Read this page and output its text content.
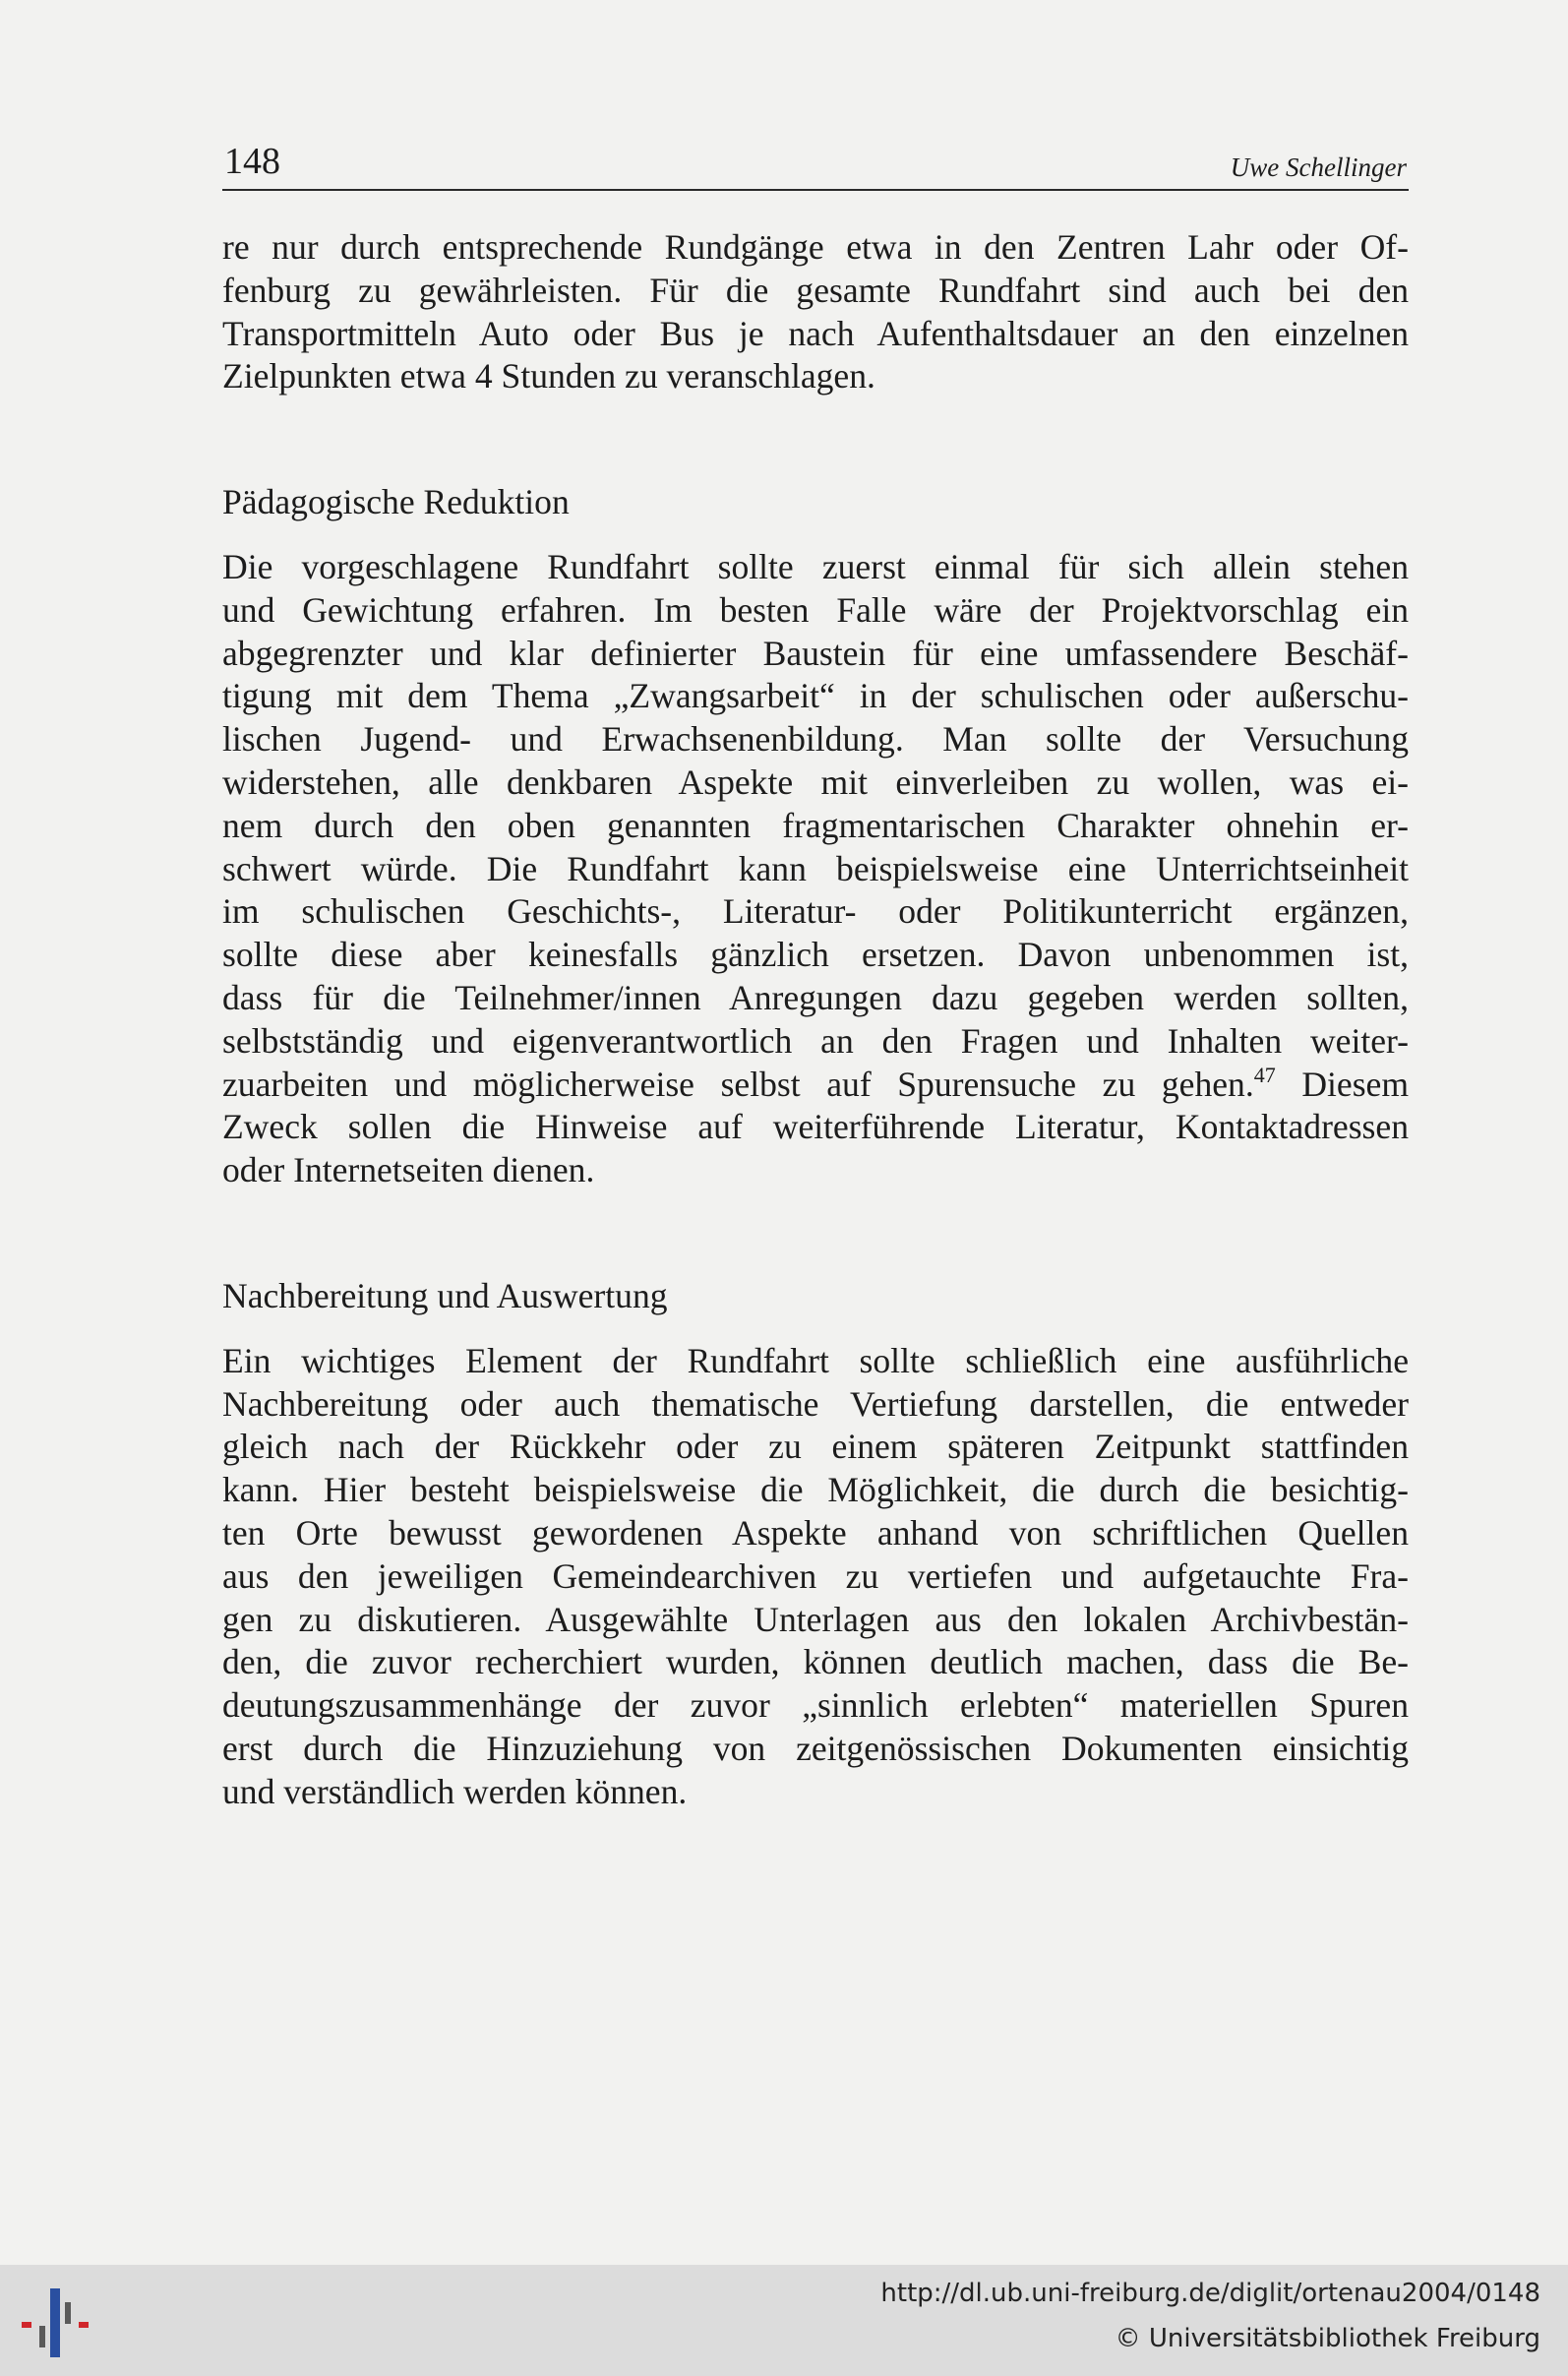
148	Uwe Schellinger

re nur durch entsprechende Rundgänge etwa in den Zentren Lahr oder Of-
fenburg zu gewährleisten. Für die gesamte Rundfahrt sind auch bei den
Transportmitteln Auto oder Bus je nach Aufenthaltsdauer an den einzelnen
Zielpunkten etwa 4 Stunden zu veranschlagen.

Pädagogische Reduktion

Die vorgeschlagene Rundfahrt sollte zuerst einmal für sich allein stehen
und Gewichtung erfahren. Im besten Falle wäre der Projektvorschlag ein
abgegrenzter und klar definierter Baustein für eine umfassendere Beschäf-
tigung mit dem Thema „Zwangsarbeit“ in der schulischen oder außerschu-
lischen Jugend- und Erwachsenenbildung. Man sollte der Versuchung
widerstehen, alle denkbaren Aspekte mit einverleiben zu wollen, was ei-
nem durch den oben genannten fragmentarischen Charakter ohnehin er-
schwert würde. Die Rundfahrt kann beispielsweise eine Unterrichtseinheit
im schulischen Geschichts-, Literatur- oder Politikunterricht ergänzen,
sollte diese aber keinesfalls gänzlich ersetzen. Davon unbenommen ist,
dass für die Teilnehmer/innen Anregungen dazu gegeben werden sollten,
selbstständig und eigenverantwortlich an den Fragen und Inhalten weiter-
zuarbeiten und möglicherweise selbst auf Spurensuche zu gehen.$^{47}$ Diesem
Zweck sollen die Hinweise auf weiterführende Literatur, Kontaktadressen
oder Internetseiten dienen.

Nachbereitung und Auswertung

Ein wichtiges Element der Rundfahrt sollte schließlich eine ausführliche
Nachbereitung oder auch thematische Vertiefung darstellen, die entweder
gleich nach der Rückkehr oder zu einem späteren Zeitpunkt stattfinden
kann. Hier besteht beispielsweise die Möglichkeit, die durch die besichtig-
ten Orte bewusst gewordenen Aspekte anhand von schriftlichen Quellen
aus den jeweiligen Gemeindearchiven zu vertiefen und aufgetauchte Fra-
gen zu diskutieren. Ausgewählte Unterlagen aus den lokalen Archivbestän-
den, die zuvor recherchiert wurden, können deutlich machen, dass die Be-
deutungszusammenhänge der zuvor „sinnlich erlebten“ materiellen Spuren
erst durch die Hinzuziehung von zeitgenössischen Dokumenten einsichtig
und verständlich werden können.

http://dl.ub.uni-freiburg.de/diglit/ortenau2004/0148
© Universitätsbibliothek Freiburg
